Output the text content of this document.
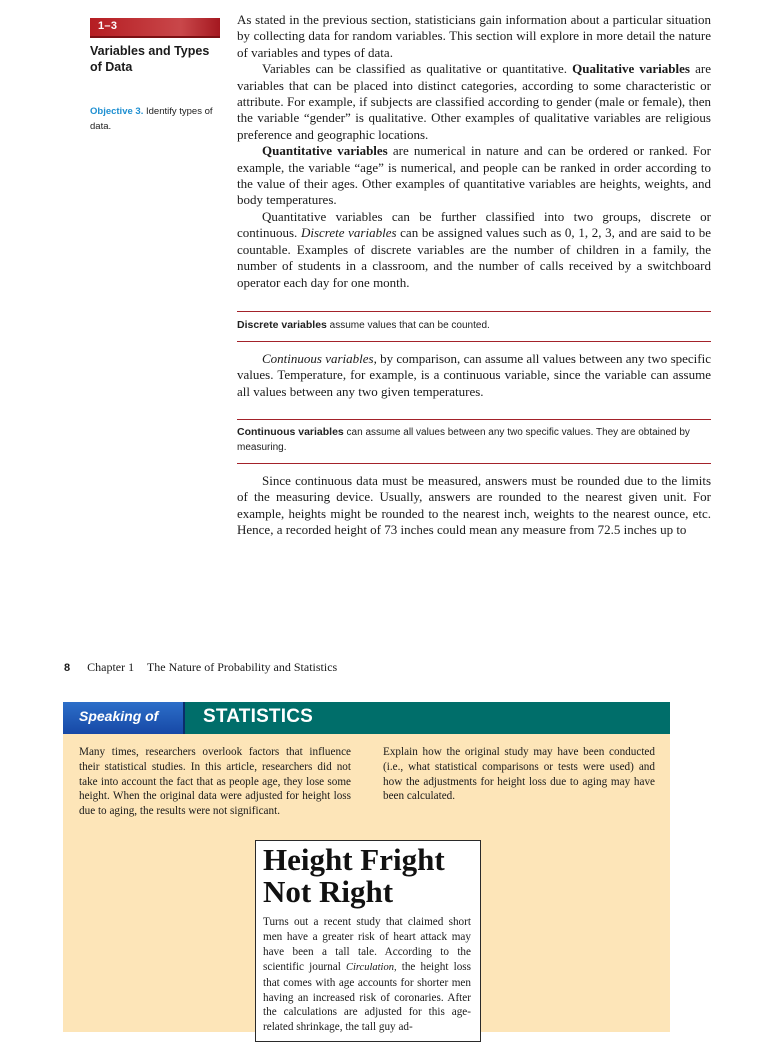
1–3
Variables and Types of Data
Objective 3. Identify types of data.

As stated in the previous section, statisticians gain information about a particular situation by collecting data for random variables. This section will explore in more detail the nature of variables and types of data.

Variables can be classified as qualitative or quantitative. Qualitative variables are variables that can be placed into distinct categories, according to some characteristic or attribute. For example, if subjects are classified according to gender (male or female), then the variable “gender” is qualitative. Other examples of qualitative variables are religious preference and geographic locations.

Quantitative variables are numerical in nature and can be ordered or ranked. For example, the variable “age” is numerical, and people can be ranked in order according to the value of their ages. Other examples of quantitative variables are heights, weights, and body temperatures.

Quantitative variables can be further classified into two groups, discrete or continuous. Discrete variables can be assigned values such as 0, 1, 2, 3, and are said to be countable. Examples of discrete variables are the number of children in a family, the number of students in a classroom, and the number of calls received by a switchboard operator each day for one month.

Discrete variables assume values that can be counted.

Continuous variables, by comparison, can assume all values between any two specific values. Temperature, for example, is a continuous variable, since the variable can assume all values between any two given temperatures.

Continuous variables can assume all values between any two specific values. They are obtained by measuring.

Since continuous data must be measured, answers must be rounded due to the limits of the measuring device. Usually, answers are rounded to the nearest given unit. For example, heights might be rounded to the nearest inch, weights to the nearest ounce, etc. Hence, a recorded height of 73 inches could mean any measure from 72.5 inches up to

8 Chapter 1 The Nature of Probability and Statistics
Speaking of STATISTICS

Many times, researchers overlook factors that influence their statistical studies. In this article, researchers did not take into account the fact that as people age, they lose some height. When the original data were adjusted for height loss due to aging, the results were not significant.

Explain how the original study may have been conducted (i.e., what statistical comparisons or tests were used) and how the adjustments for height loss due to aging may have been calculated.

Height Fright Not Right

Turns out a recent study that claimed short men have a greater risk of heart attack may have been a tall tale. According to the scientific journal Circulation, the height loss that comes with age accounts for shorter men having an increased risk of coronaries. After the calculations are adjusted for this age-related shrinkage, the tall guy ad-
